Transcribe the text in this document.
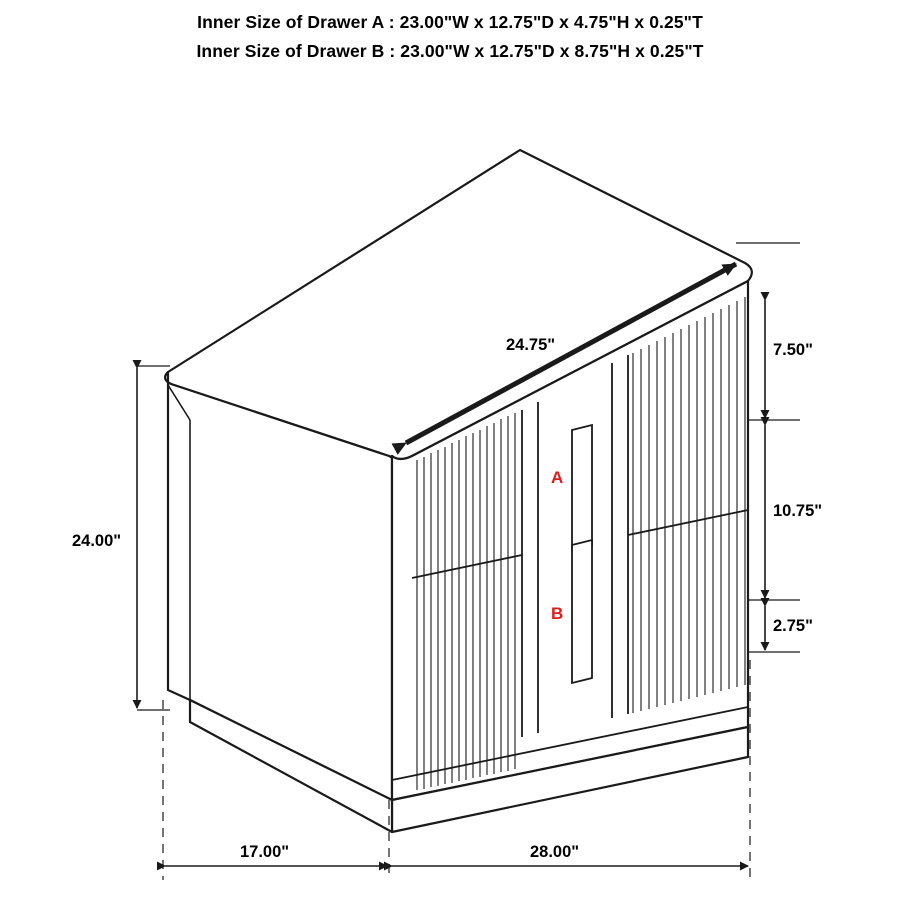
Inner Size of Drawer A : 23.00"W x 12.75"D x 4.75"H x 0.25"T
Inner Size of Drawer B : 23.00"W x 12.75"D x 8.75"H x 0.25"T
24.75"	7.50"
10.75"
2.75"
24.00"
17.00"	28.00"
A
B
